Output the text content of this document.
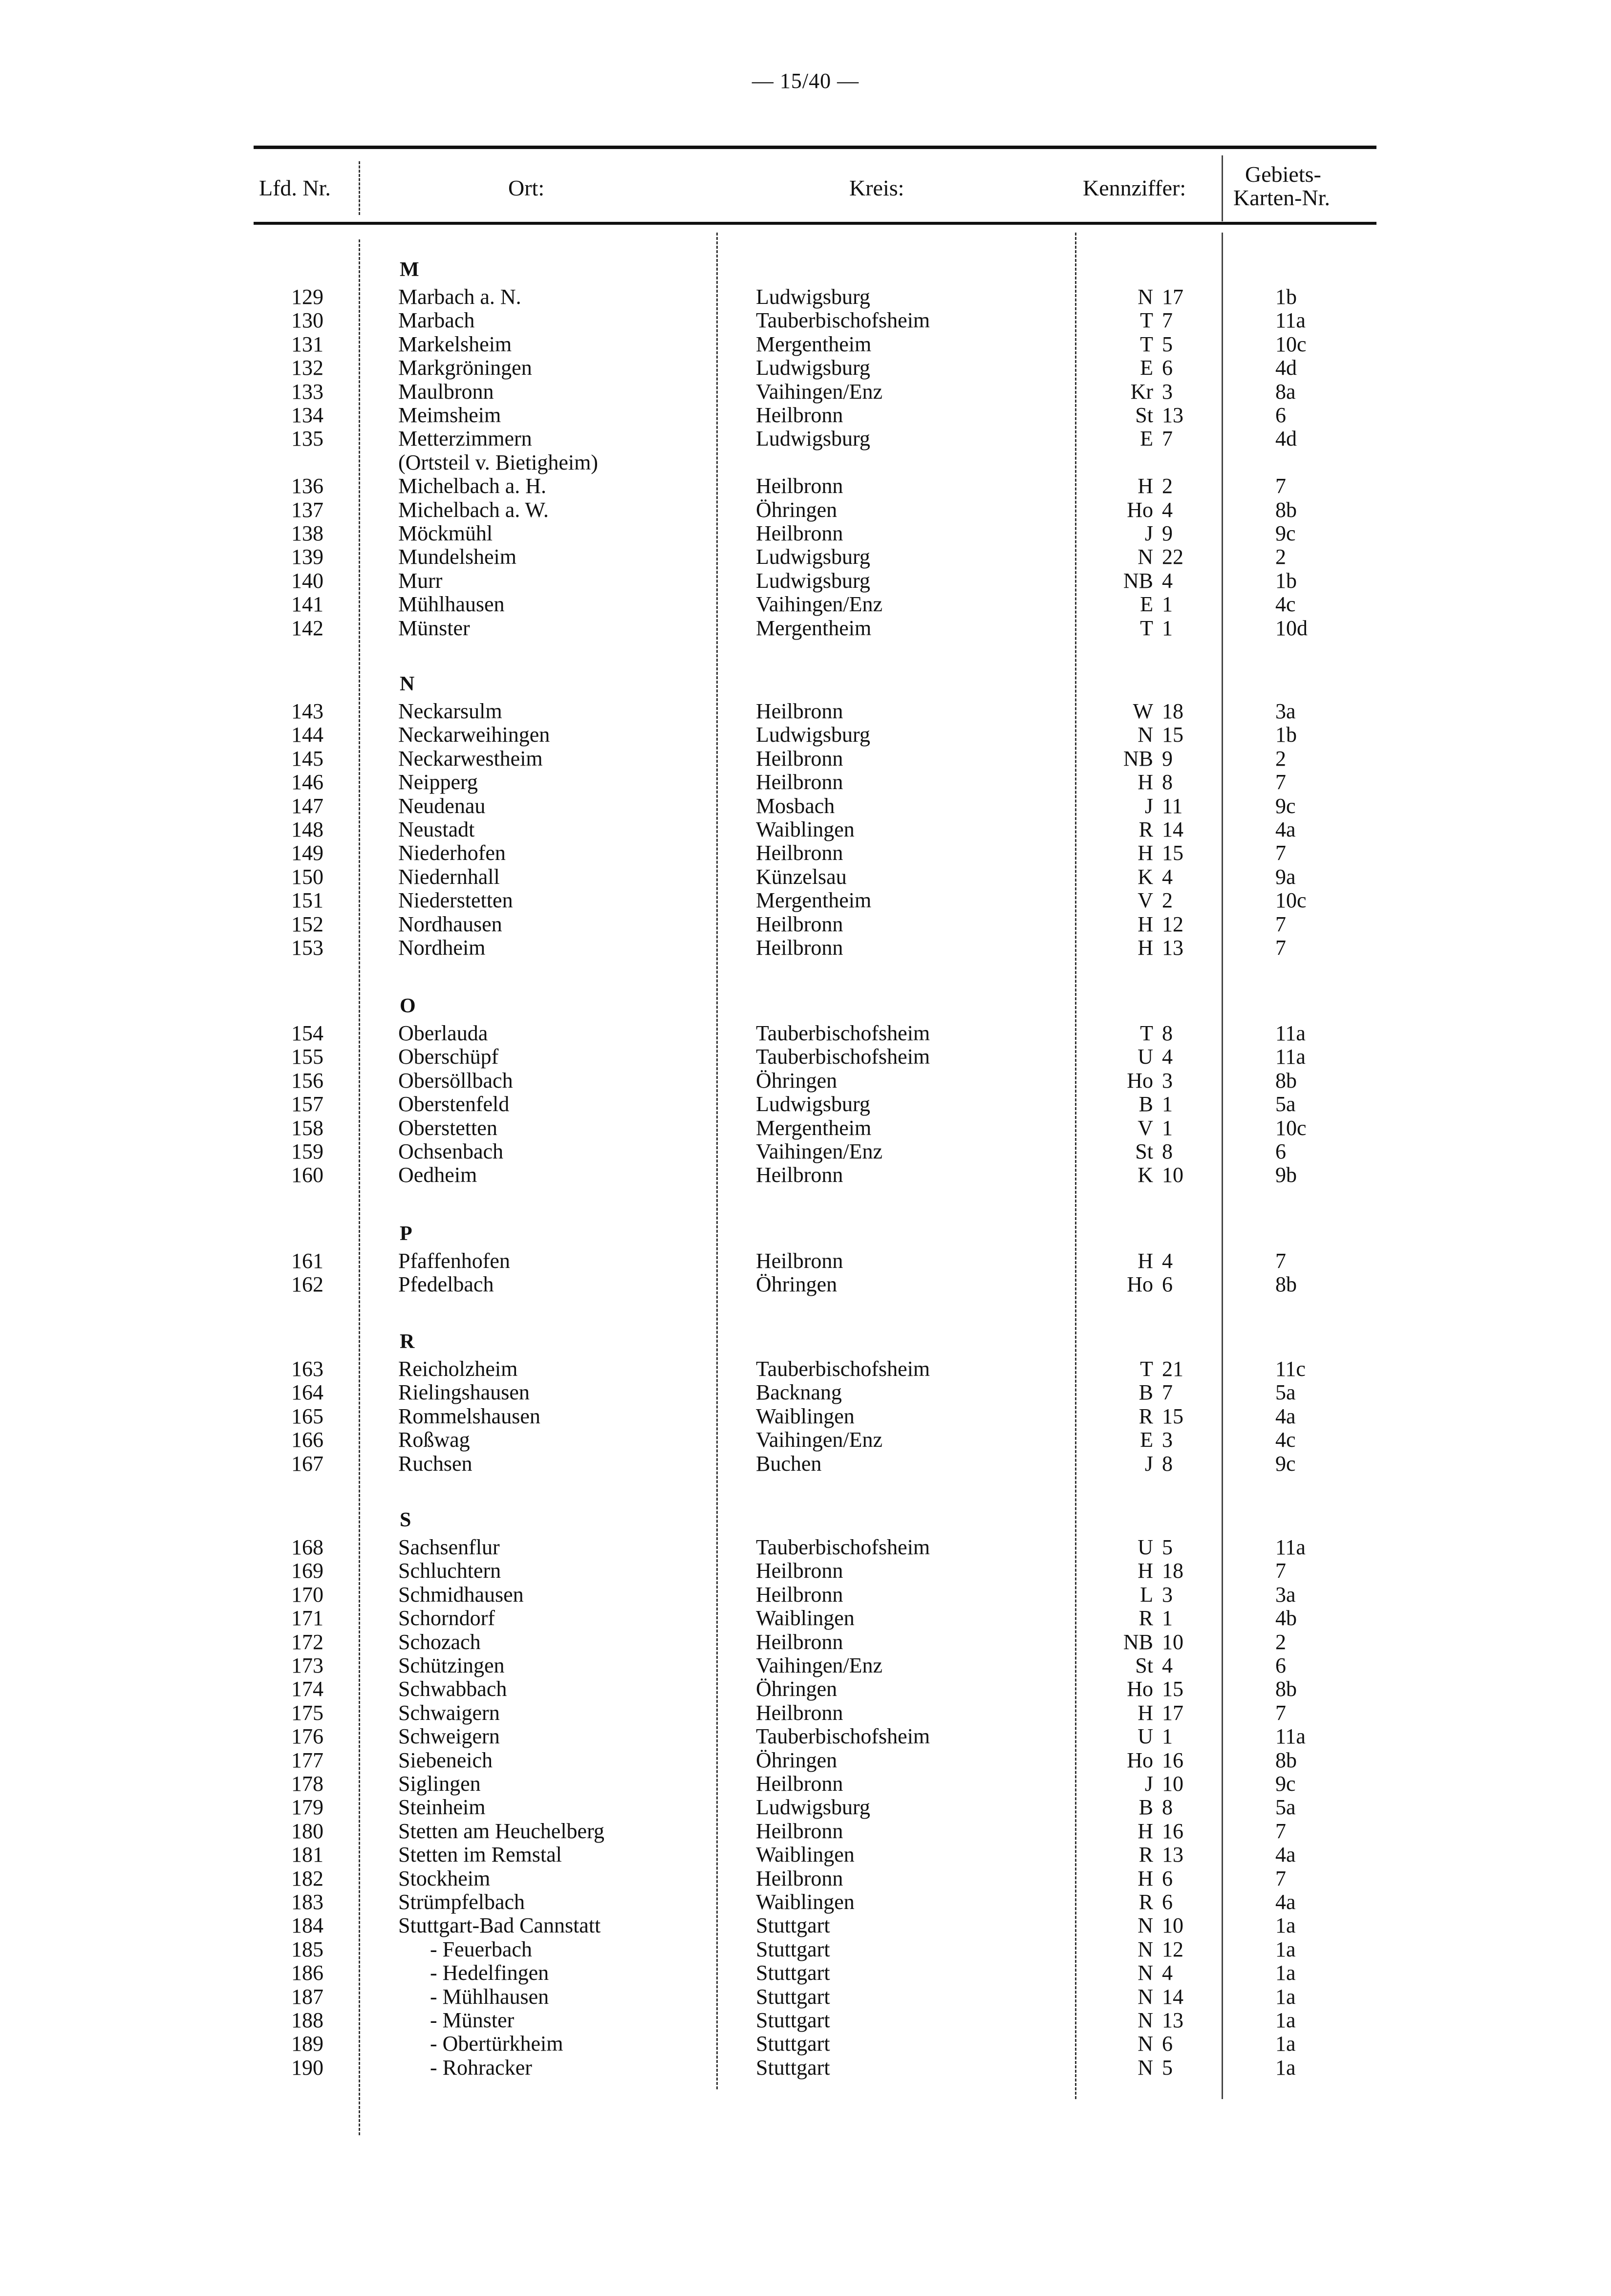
— 15/40 —
Lfd. Nr.	Ort:	Kreis:	Kennziffer:
Gebiets-
Karten-Nr.
M
129	Marbach a. N.	Ludwigsburg	N 17	1b
130	Marbach	Tauberbischofsheim	T 7	11a
131	Markelsheim	Mergentheim	T 5	10c
132	Markgröningen	Ludwigsburg	E 6	4d
133	Maulbronn	Vaihingen/Enz	Kr 3	8a
134	Meimsheim	Heilbronn	St 13	6
135	Metterzimmern	Ludwigsburg	E 7	4d
(Ortsteil v. Bietigheim)
136	Michelbach a. H.	Heilbronn	H 2	7
137	Michelbach a. W.	Öhringen	Ho 4	8b
138	Möckmühl	Heilbronn	J 9	9c
139	Mundelsheim	Ludwigsburg	N 22	2
140	Murr	Ludwigsburg	NB 4	1b
141	Mühlhausen	Vaihingen/Enz	E 1	4c
142	Münster	Mergentheim	T 1	10d
N
143	Neckarsulm	Heilbronn	W 18	3a
144	Neckarweihingen	Ludwigsburg	N 15	1b
145	Neckarwestheim	Heilbronn	NB 9	2
146	Neipperg	Heilbronn	H 8	7
147	Neudenau	Mosbach	J 11	9c
148	Neustadt	Waiblingen	R 14	4a
149	Niederhofen	Heilbronn	H 15	7
150	Niedernhall	Künzelsau	K 4	9a
151	Niederstetten	Mergentheim	V 2	10c
152	Nordhausen	Heilbronn	H 12	7
153	Nordheim	Heilbronn	H 13	7
O
154	Oberlauda	Tauberbischofsheim	T 8	11a
155	Oberschüpf	Tauberbischofsheim	U 4	11a
156	Obersöllbach	Öhringen	Ho 3	8b
157	Oberstenfeld	Ludwigsburg	B 1	5a
158	Oberstetten	Mergentheim	V 1	10c
159	Ochsenbach	Vaihingen/Enz	St 8	6
160	Oedheim	Heilbronn	K 10	9b
P
161	Pfaffenhofen	Heilbronn	H 4	7
162	Pfedelbach	Öhringen	Ho 6	8b
R
163	Reicholzheim	Tauberbischofsheim	T 21	11c
164	Rielingshausen	Backnang	B 7	5a
165	Rommelshausen	Waiblingen	R 15	4a
166	Roßwag	Vaihingen/Enz	E 3	4c
167	Ruchsen	Buchen	J 8	9c
S
168	Sachsenflur	Tauberbischofsheim	U 5	11a
169	Schluchtern	Heilbronn	H 18	7
170	Schmidhausen	Heilbronn	L 3	3a
171	Schorndorf	Waiblingen	R 1	4b
172	Schozach	Heilbronn	NB 10	2
173	Schützingen	Vaihingen/Enz	St 4	6
174	Schwabbach	Öhringen	Ho 15	8b
175	Schwaigern	Heilbronn	H 17	7
176	Schweigern	Tauberbischofsheim	U 1	11a
177	Siebeneich	Öhringen	Ho 16	8b
178	Siglingen	Heilbronn	J 10	9c
179	Steinheim	Ludwigsburg	B 8	5a
180	Stetten am Heuchelberg	Heilbronn	H 16	7
181	Stetten im Remstal	Waiblingen	R 13	4a
182	Stockheim	Heilbronn	H 6	7
183	Strümpfelbach	Waiblingen	R 6	4a
184	Stuttgart-Bad Cannstatt	Stuttgart	N 10	1a
185	- Feuerbach	Stuttgart	N 12	1a
186	- Hedelfingen	Stuttgart	N 4	1a
187	- Mühlhausen	Stuttgart	N 14	1a
188	- Münster	Stuttgart	N 13	1a
189	- Obertürkheim	Stuttgart	N 6	1a
190	- Rohracker	Stuttgart	N 5	1a
